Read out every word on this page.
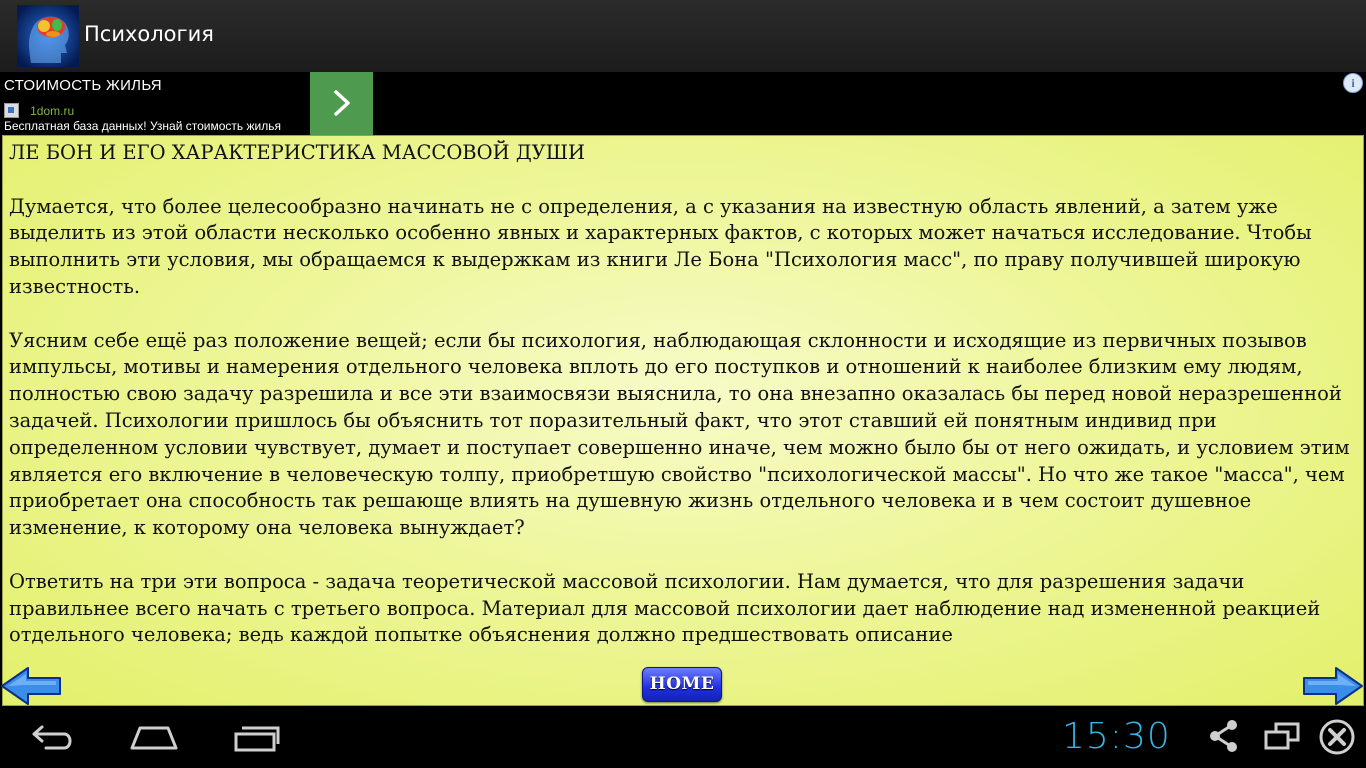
Психология
СТОИМОСТЬ ЖИЛЬЯ
1dom.ru
Бесплатная база данных! Узнай стоимость жилья
i

ЛЕ БОН И ЕГО ХАРАКТЕРИСТИКА МАССОВОЙ ДУШИ

Думается, что более целесообразно начинать не с определения, а с указания на известную область явлений, а затем уже выделить из этой области несколько особенно явных и характерных фактов, с которых может начаться исследование. Чтобы выполнить эти условия, мы обращаемся к выдержкам из книги Ле Бона "Психология масс", по праву получившей широкую известность.

Уясним себе ещё раз положение вещей; если бы психология, наблюдающая склонности и исходящие из первичных позывов импульсы, мотивы и намерения отдельного человека вплоть до его поступков и отношений к наиболее близким ему людям, полностью свою задачу разрешила и все эти взаимосвязи выяснила, то она внезапно оказалась бы перед новой неразрешенной задачей. Психологии пришлось бы объяснить тот поразительный факт, что этот ставший ей понятным индивид при определенном условии чувствует, думает и поступает совершенно иначе, чем можно было бы от него ожидать, и условием этим является его включение в человеческую толпу, приобретшую свойство "психологической массы". Но что же такое "масса", чем приобретает она способность так решающе влиять на душевную жизнь отдельного человека и в чем состоит душевное изменение, к которому она человека вынуждает?

Ответить на три эти вопроса - задача теоретической массовой психологии. Нам думается, что для разрешения задачи правильнее всего начать с третьего вопроса. Материал для массовой психологии дает наблюдение над измененной реакцией отдельного человека; ведь каждой попытке объяснения должно предшествовать описание

HOME
15:30
